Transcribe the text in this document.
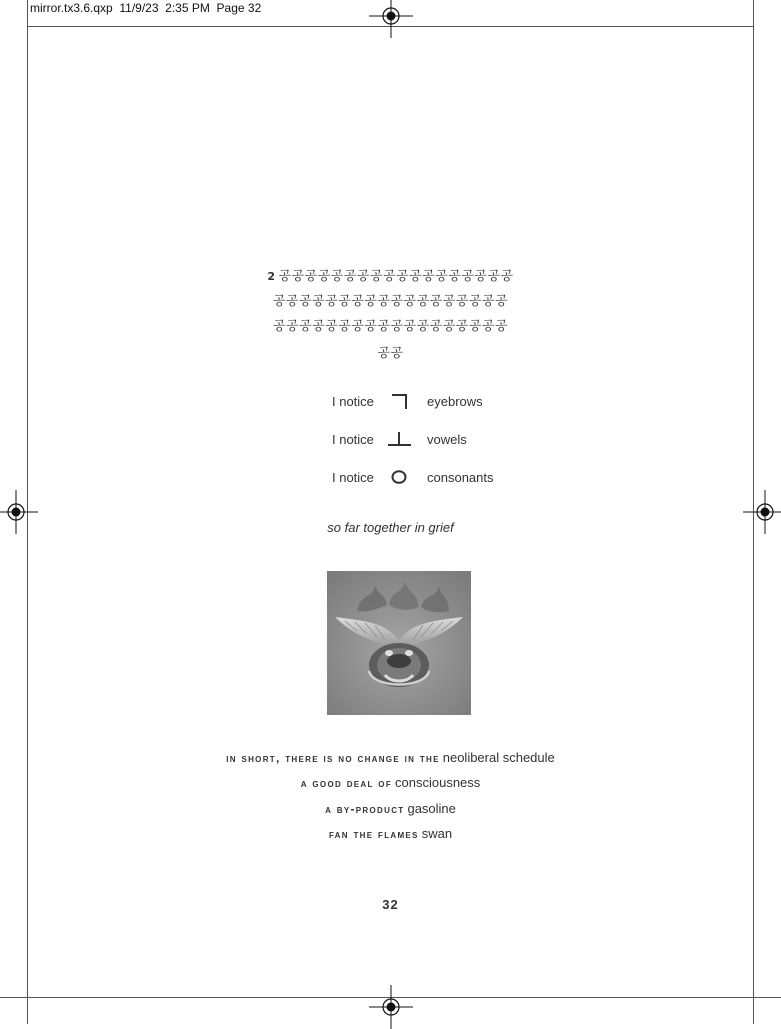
mirror.tx3.6.qxp  11/9/23  2:35 PM  Page 32
2 공공공공공공공공공공공공공공공공공공
공공공공공공공공공공공공공공공공공공
공공공공공공공공공공공공공공공공공공
공공
I notice	eyebrows
I notice	vowels
I notice	consonants
so far together in grief
in short, there is no change in the neoliberal schedule
a good deal of consciousness
a by-product gasoline
fan the flames swan
32
